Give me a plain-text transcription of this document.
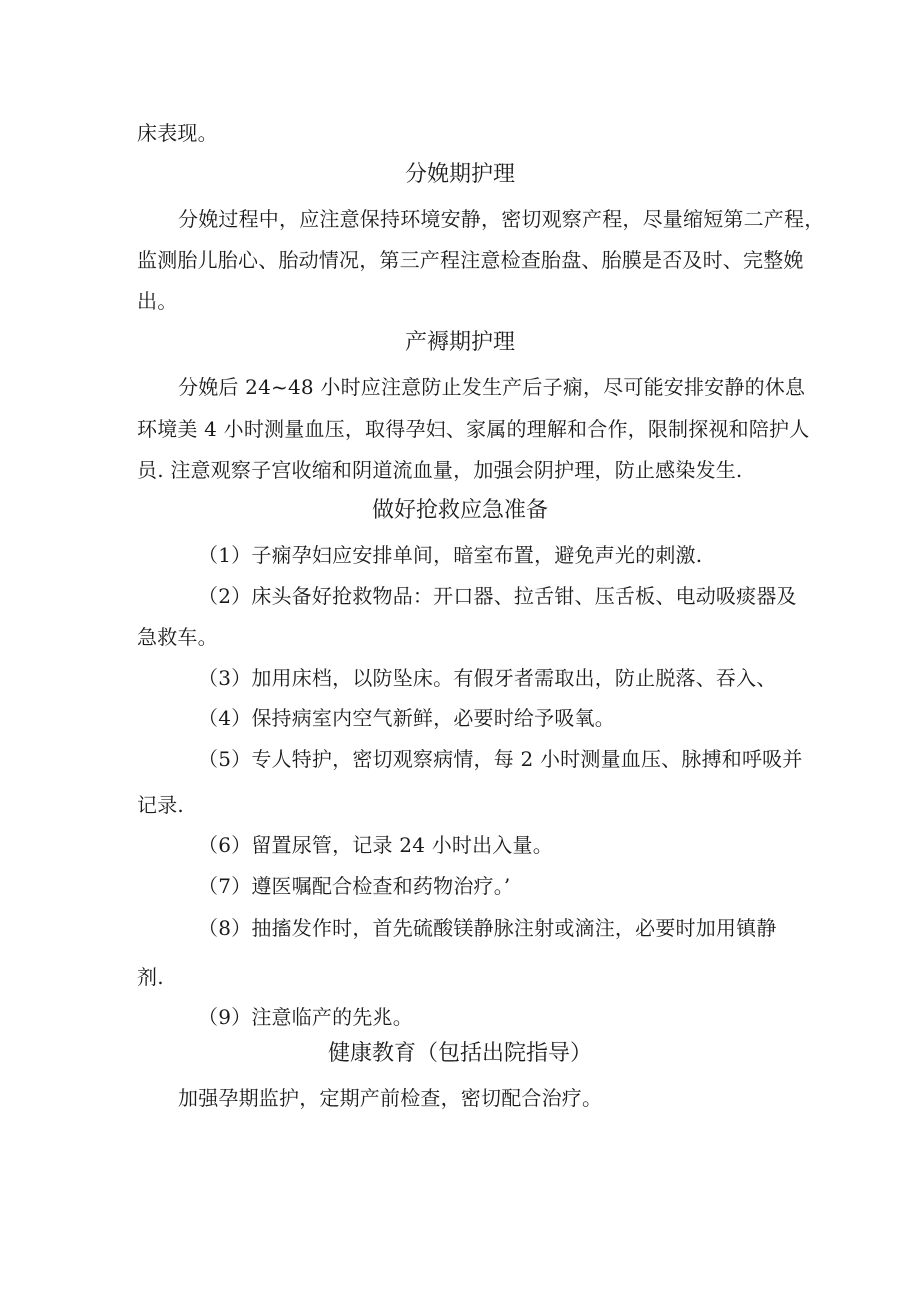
床表现。
分娩期护理
分娩过程中，应注意保持环境安静，密切观察产程，尽量缩短第二产程，
监测胎儿胎心、胎动情况，第三产程注意检查胎盘、胎膜是否及时、完整娩
出。
产褥期护理
分娩后 24~48 小时应注意防止发生产后子痫，尽可能安排安静的休息
环境美 4 小时测量血压，取得孕妇、家属的理解和合作，限制探视和陪护人
员. 注意观察子宫收缩和阴道流血量，加强会阴护理，防止感染发生.
做好抢救应急准备
（1）子痫孕妇应安排单间，暗室布置，避免声光的刺激.
（2）床头备好抢救物品：开口器、拉舌钳、压舌板、电动吸痰器及
急救车。
（3）加用床档，以防坠床。有假牙者需取出，防止脱落、吞入、
（4）保持病室内空气新鲜，必要时给予吸氧。
（5）专人特护，密切观察病情，每 2 小时测量血压、脉搏和呼吸并
记录.
（6）留置尿管，记录 24 小时出入量。
（7）遵医嘱配合检查和药物治疗。’
（8）抽搐发作时，首先硫酸镁静脉注射或滴注，必要时加用镇静
剂.
（9）注意临产的先兆。
健康教育（包括出院指导）
加强孕期监护，定期产前检查，密切配合治疗。
